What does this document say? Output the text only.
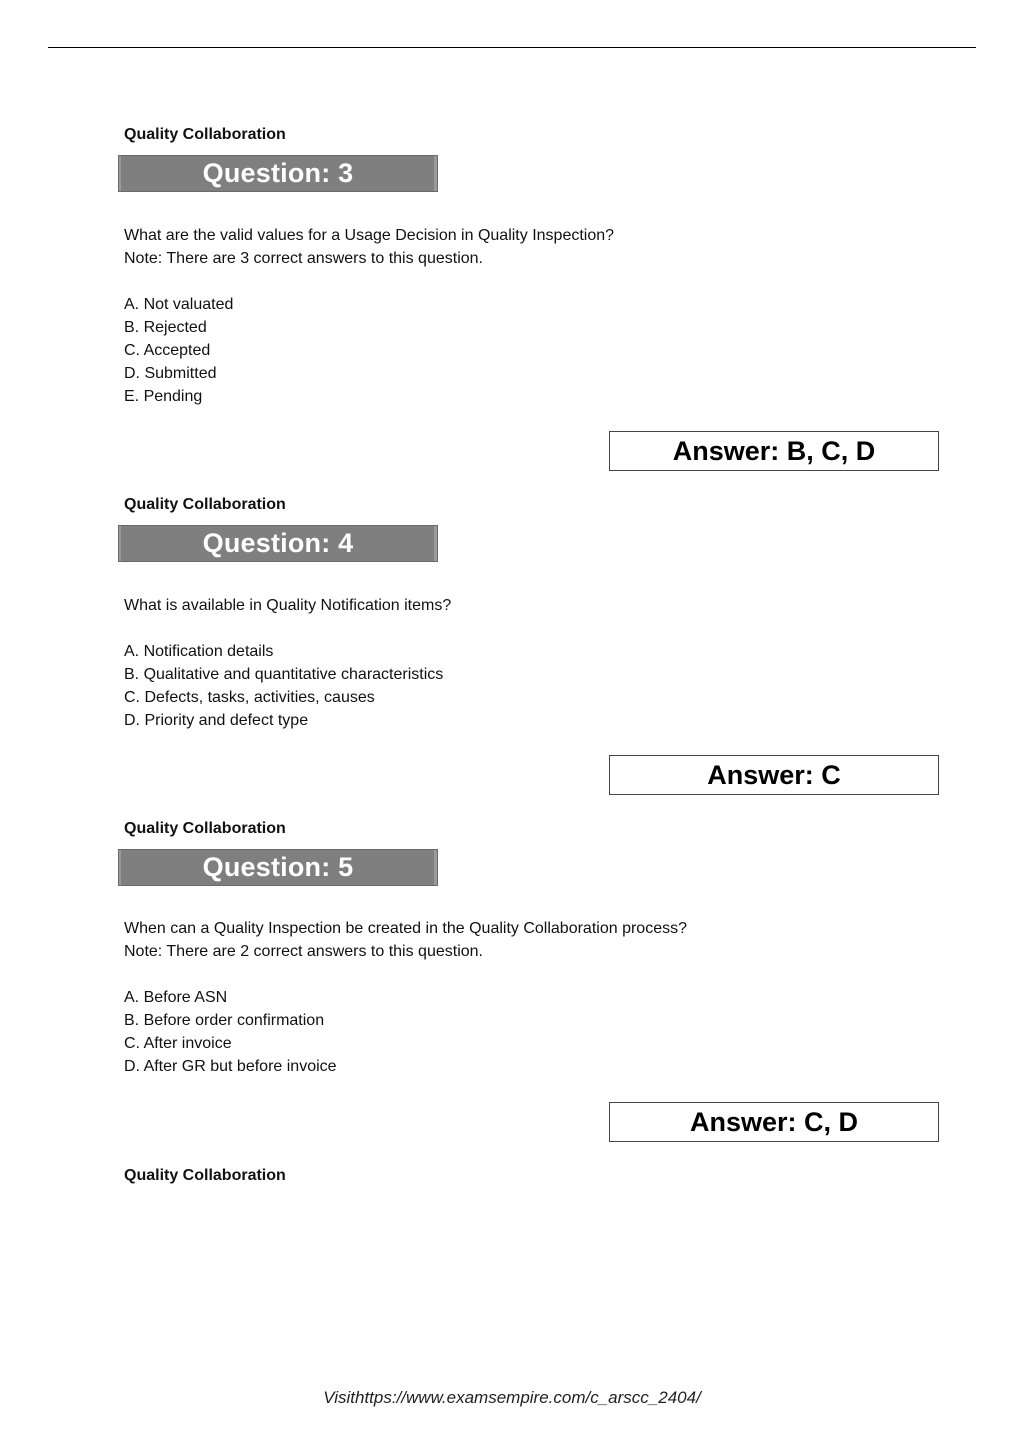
Quality Collaboration
Question: 3
What are the valid values for a Usage Decision in Quality Inspection?
Note: There are 3 correct answers to this question.
A. Not valuated
B. Rejected
C. Accepted
D. Submitted
E. Pending
Answer: B, C, D
Quality Collaboration
Question: 4
What is available in Quality Notification items?
A. Notification details
B. Qualitative and quantitative characteristics
C. Defects, tasks, activities, causes
D. Priority and defect type
Answer: C
Quality Collaboration
Question: 5
When can a Quality Inspection be created in the Quality Collaboration process?
Note: There are 2 correct answers to this question.
A. Before ASN
B. Before order confirmation
C. After invoice
D. After GR but before invoice
Answer: C, D
Quality Collaboration
Visithttps://www.examsempire.com/c_arscc_2404/
